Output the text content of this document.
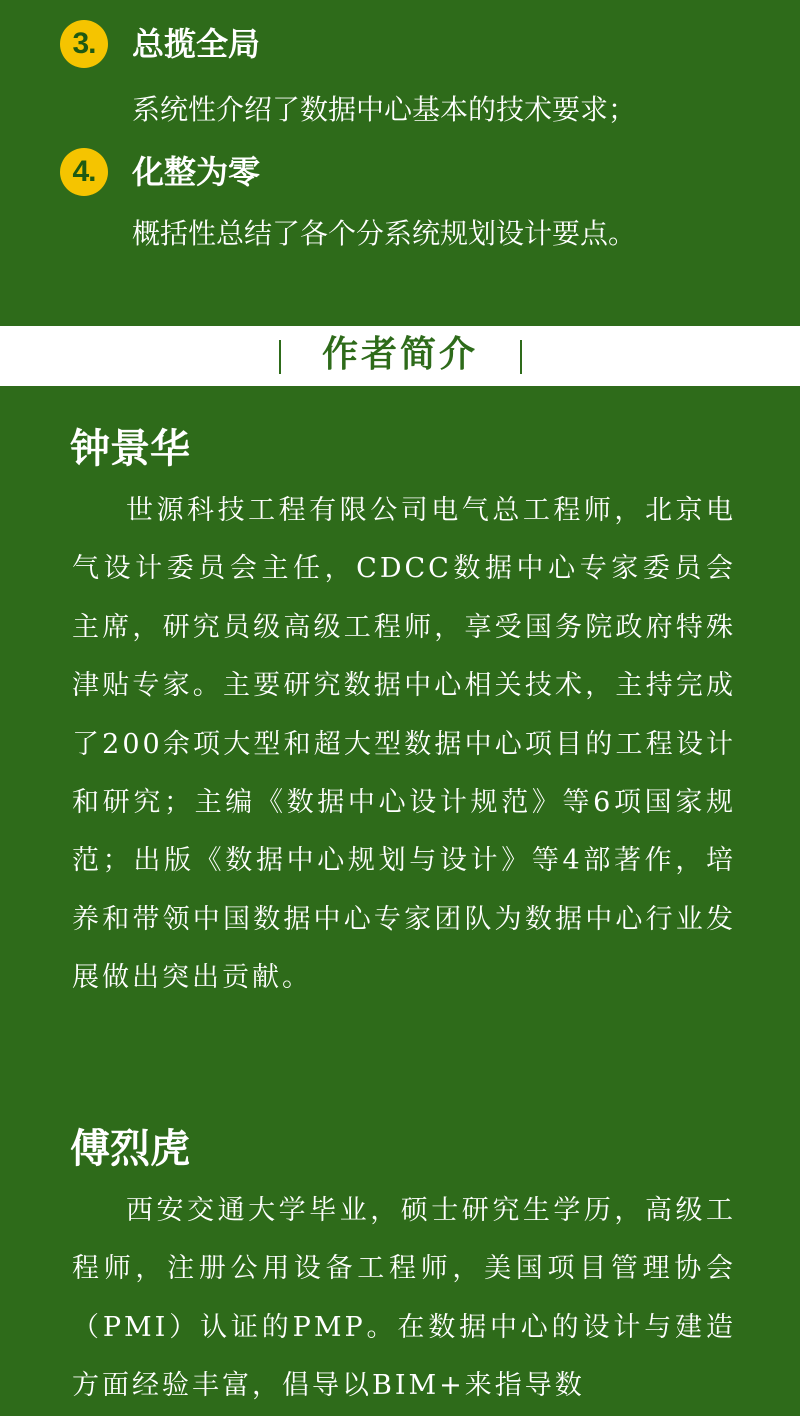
3.	总揽全局
系统性介绍了数据中心基本的技术要求；
4.	化整为零
概括性总结了各个分系统规划设计要点。
作者简介
钟景华

世源科技工程有限公司电气总工程师，北京电气设计委员会主任，CDCC数据中心专家委员会主席，研究员级高级工程师，享受国务院政府特殊津贴专家。主要研究数据中心相关技术，主持完成了200余项大型和超大型数据中心项目的工程设计和研究；主编《数据中心设计规范》等6项国家规范；出版《数据中心规划与设计》等4部著作，培养和带领中国数据中心专家团队为数据中心行业发展做出突出贡献。

傅烈虎

西安交通大学毕业，硕士研究生学历，高级工程师，注册公用设备工程师，美国项目管理协会（PMI）认证的PMP。在数据中心的设计与建造方面经验丰富，倡导以BIM+来指导数
